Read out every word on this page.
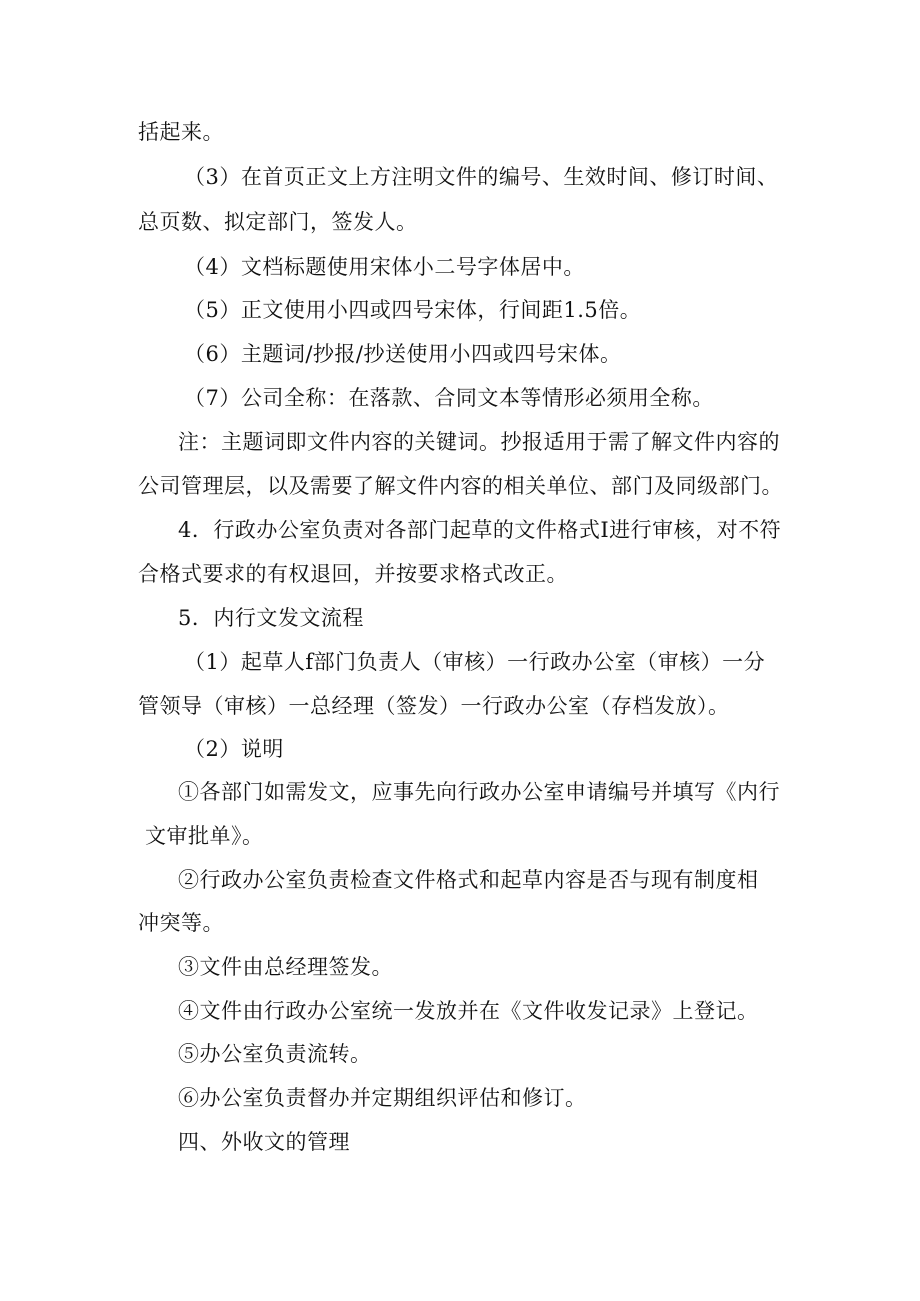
括起来。
（3）在首页正文上方注明文件的编号、生效时间、修订时间、
总页数、拟定部门，签发人。
（4）文档标题使用宋体小二号字体居中。
（5）正文使用小四或四号宋体，行间距1.5倍。
（6）主题词/抄报/抄送使用小四或四号宋体。
（7）公司全称：在落款、合同文本等情形必须用全称。
注：主题词即文件内容的关键词。抄报适用于需了解文件内容的
公司管理层，以及需要了解文件内容的相关单位、部门及同级部门。
4．行政办公室负责对各部门起草的文件格式I进行审核，对不符
合格式要求的有权退回，并按要求格式改正。
5．内行文发文流程
（1）起草人f部门负责人（审核）一行政办公室（审核）一分
管领导（审核）一总经理（签发）一行政办公室（存档发放）。
（2）说明
①各部门如需发文，应事先向行政办公室申请编号并填写《内行
文审批单》。
②行政办公室负责检查文件格式和起草内容是否与现有制度相
冲突等。
③文件由总经理签发。
④文件由行政办公室统一发放并在《文件收发记录》上登记。
⑤办公室负责流转。
⑥办公室负责督办并定期组织评估和修订。
四、外收文的管理
